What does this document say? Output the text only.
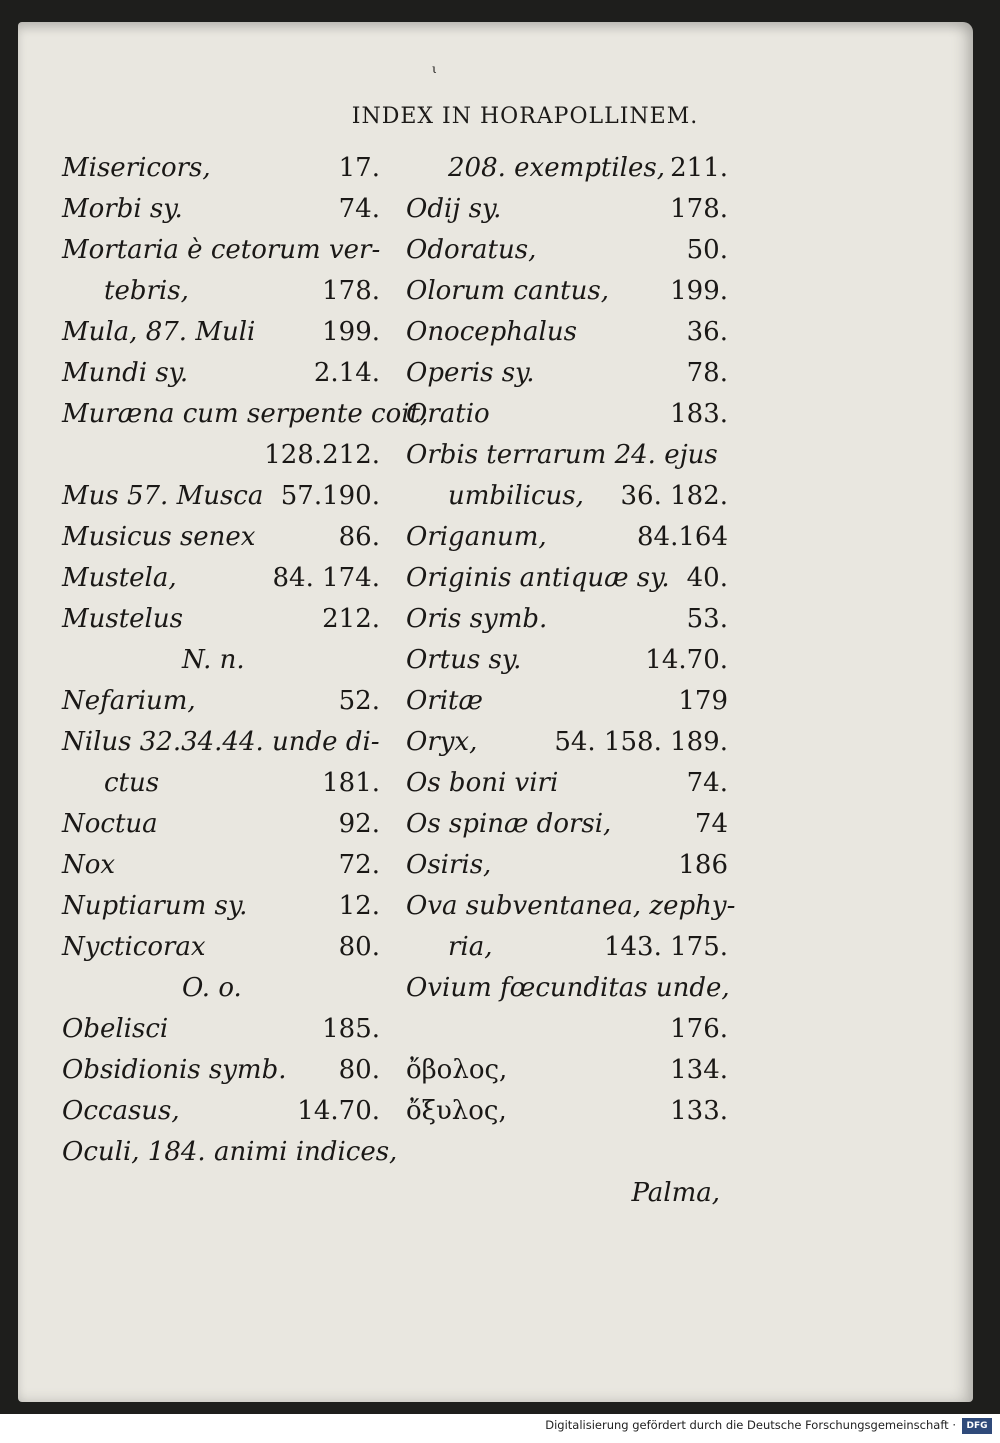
ι
INDEX IN HORAPOLLINEM.
Misericors,	17.
Morbi sy.	74.
Mortaria è cetorum ver-
tebris,	178.
Mula, 87. Muli	199.
Mundi sy.	2.14.
Muræna cum serpente coit,
128.212.
Mus 57. Musca 57.190.
Musicus senex	86.
Mustela,	84. 174.
Mustelus	212.
N. n.
Nefarium,	52.
Nilus 32.34.44. unde di-
ctus	181.
Noctua	92.
Nox	72.
Nuptiarum sy.	12.
Nycticorax	80.
O. o.
Obelisci	185.
Obsidionis symb. 80.
Occasus,	14.70.
Oculi, 184. animi indices,
208. exemptiles, 211.
Odij sy.	178.
Odoratus,	50.
Olorum cantus, 199.
Onocephalus	36.
Operis sy.	78.
Oratio	183.
Orbis terrarum 24. ejus
umbilicus, 36. 182.
Origanum,	84.164
Originis antiquæ sy. 40.
Oris symb.	53.
Ortus sy.	14.70.
Oritæ	179
Oryx,	54. 158. 189.
Os boni viri	74.
Os spinæ dorsi,	74
Osiris,	186
Ova subventanea, zephy-
ria,	143. 175.
Ovium fœcunditas unde,
176.
ὄβολος,	134.
ὄξυλος,	133.
Palma,
Digitalisierung gefördert durch die Deutsche Forschungsgemeinschaft ·	DFG
